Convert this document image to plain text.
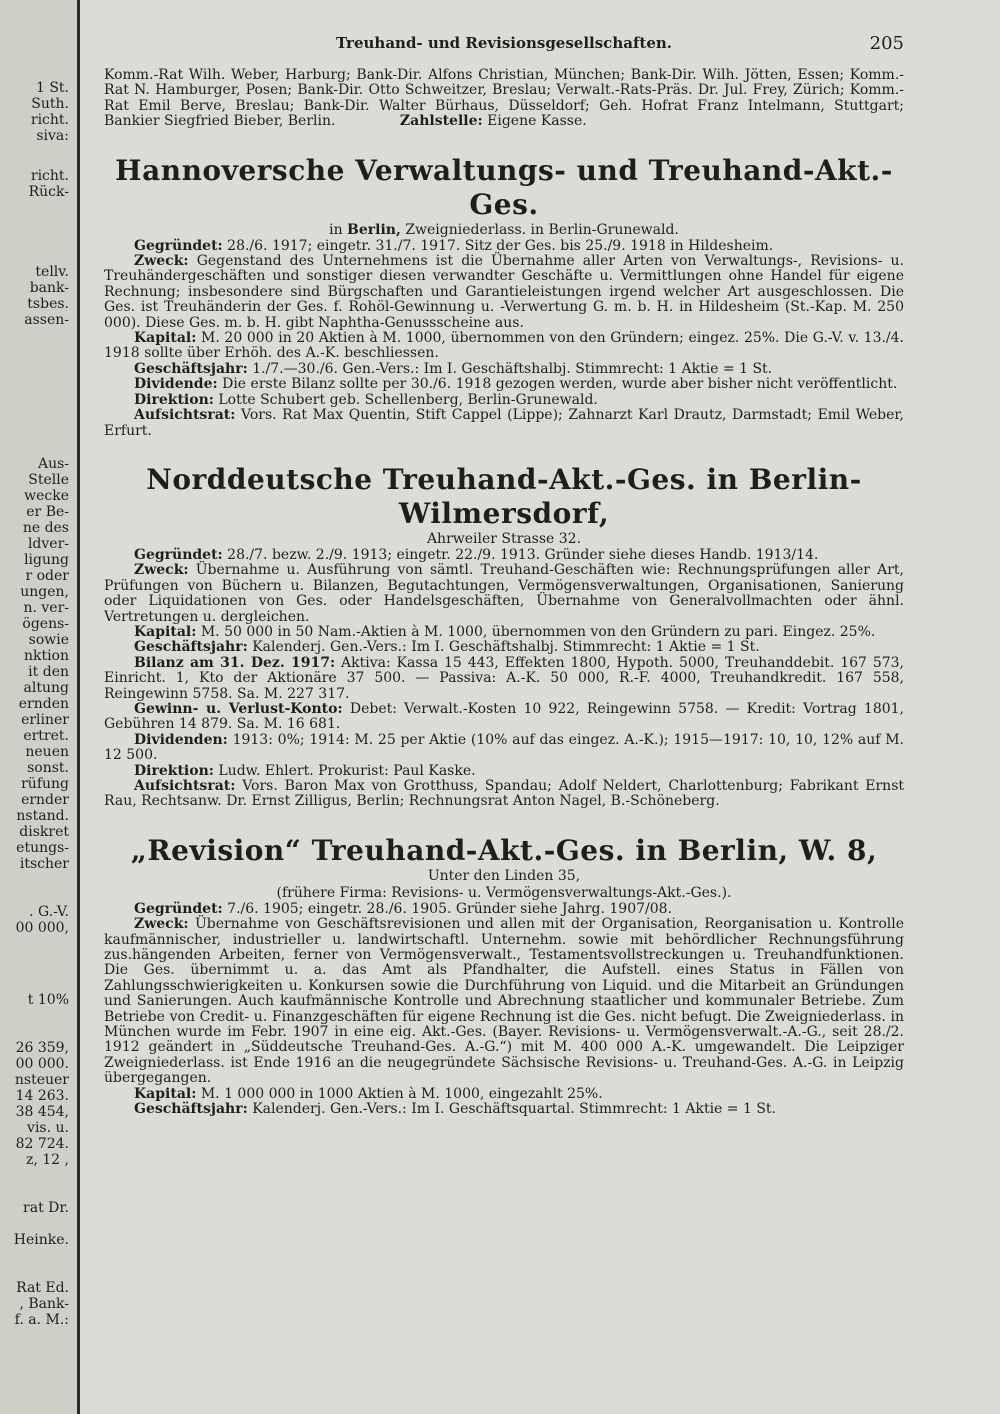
1 St.
Suth.
richt.
siva:
richt.
Rück-
tellv.
bank-
tsbes.
assen-
Aus-
Stelle
wecke
er Be-
ne des
ldver-
ligung
r oder
ungen,
n. ver-
ögens-
sowie
nktion
it den
altung
ernden
erliner
ertret.
neuen
sonst.
rüfung
ernder
nstand.
diskret
etungs-
itscher
. G.-V.
00 000,
t 10%
26 359,
00 000.
nsteuer
14 263.
38 454,
vis. u.
82 724.
z, 12 ,
rat Dr.
Heinke.
Rat Ed.
, Bank-
f. a. M.:
Treuhand- und Revisionsgesellschaften.	205

Komm.-Rat Wilh. Weber, Harburg; Bank-Dir. Alfons Christian, München; Bank-Dir. Wilh. Jötten, Essen; Komm.-Rat N. Hamburger, Posen; Bank-Dir. Otto Schweitzer, Breslau; Verwalt.-Rats-Präs. Dr. Jul. Frey, Zürich; Komm.-Rat Emil Berve, Breslau; Bank-Dir. Walter Bürhaus, Düsseldorf; Geh. Hofrat Franz Intelmann, Stuttgart; Bankier Siegfried Bieber, Berlin.	Zahlstelle: Eigene Kasse.

Hannoversche Verwaltungs- und Treuhand-Akt.-Ges.
in Berlin, Zweigniederlass. in Berlin-Grunewald.

Gegründet: 28./6. 1917; eingetr. 31./7. 1917. Sitz der Ges. bis 25./9. 1918 in Hildesheim.

Zweck: Gegenstand des Unternehmens ist die Übernahme aller Arten von Verwaltungs-, Revisions- u. Treuhändergeschäften und sonstiger diesen verwandter Geschäfte u. Vermittlungen ohne Handel für eigene Rechnung; insbesondere sind Bürgschaften und Garantieleistungen irgend welcher Art ausgeschlossen. Die Ges. ist Treuhänderin der Ges. f. Rohöl-Gewinnung u. -Verwertung G. m. b. H. in Hildesheim (St.-Kap. M. 250 000). Diese Ges. m. b. H. gibt Naphtha-Genussscheine aus.

Kapital: M. 20 000 in 20 Aktien à M. 1000, übernommen von den Gründern; eingez. 25%. Die G.-V. v. 13./4. 1918 sollte über Erhöh. des A.-K. beschliessen.

Geschäftsjahr: 1./7.—30./6. Gen.-Vers.: Im I. Geschäftshalbj. Stimmrecht: 1 Aktie = 1 St.

Dividende: Die erste Bilanz sollte per 30./6. 1918 gezogen werden, wurde aber bisher nicht veröffentlicht.

Direktion: Lotte Schubert geb. Schellenberg, Berlin-Grunewald.

Aufsichtsrat: Vors. Rat Max Quentin, Stift Cappel (Lippe); Zahnarzt Karl Drautz, Darmstadt; Emil Weber, Erfurt.

Norddeutsche Treuhand-Akt.-Ges. in Berlin-Wilmersdorf,
Ahrweiler Strasse 32.

Gegründet: 28./7. bezw. 2./9. 1913; eingetr. 22./9. 1913. Gründer siehe dieses Handb. 1913/14.

Zweck: Übernahme u. Ausführung von sämtl. Treuhand-Geschäften wie: Rechnungsprüfungen aller Art, Prüfungen von Büchern u. Bilanzen, Begutachtungen, Vermögensverwaltungen, Organisationen, Sanierung oder Liquidationen von Ges. oder Handelsgeschäften, Übernahme von Generalvollmachten oder ähnl. Vertretungen u. dergleichen.

Kapital: M. 50 000 in 50 Nam.-Aktien à M. 1000, übernommen von den Gründern zu pari. Eingez. 25%.

Geschäftsjahr: Kalenderj. Gen.-Vers.: Im I. Geschäftshalbj. Stimmrecht: 1 Aktie = 1 St.

Bilanz am 31. Dez. 1917: Aktiva: Kassa 15 443, Effekten 1800, Hypoth. 5000, Treuhanddebit. 167 573, Einricht. 1, Kto der Aktionäre 37 500. — Passiva: A.-K. 50 000, R.-F. 4000, Treuhandkredit. 167 558, Reingewinn 5758. Sa. M. 227 317.

Gewinn- u. Verlust-Konto: Debet: Verwalt.-Kosten 10 922, Reingewinn 5758. — Kredit: Vortrag 1801, Gebühren 14 879. Sa. M. 16 681.

Dividenden: 1913: 0%; 1914: M. 25 per Aktie (10% auf das eingez. A.-K.); 1915—1917: 10, 10, 12% auf M. 12 500.

Direktion: Ludw. Ehlert. Prokurist: Paul Kaske.

Aufsichtsrat: Vors. Baron Max von Grotthuss, Spandau; Adolf Neldert, Charlottenburg; Fabrikant Ernst Rau, Rechtsanw. Dr. Ernst Zilligus, Berlin; Rechnungsrat Anton Nagel, B.-Schöneberg.

„Revision“ Treuhand-Akt.-Ges. in Berlin, W. 8,
Unter den Linden 35,
(frühere Firma: Revisions- u. Vermögensverwaltungs-Akt.-Ges.).

Gegründet: 7./6. 1905; eingetr. 28./6. 1905. Gründer siehe Jahrg. 1907/08.

Zweck: Übernahme von Geschäftsrevisionen und allen mit der Organisation, Reorganisation u. Kontrolle kaufmännischer, industrieller u. landwirtschaftl. Unternehm. sowie mit behördlicher Rechnungsführung zus.hängenden Arbeiten, ferner von Vermögensverwalt., Testamentsvollstreckungen u. Treuhandfunktionen. Die Ges. übernimmt u. a. das Amt als Pfandhalter, die Aufstell. eines Status in Fällen von Zahlungsschwierigkeiten u. Konkursen sowie die Durchführung von Liquid. und die Mitarbeit an Gründungen und Sanierungen. Auch kaufmännische Kontrolle und Abrechnung staatlicher und kommunaler Betriebe. Zum Betriebe von Credit- u. Finanzgeschäften für eigene Rechnung ist die Ges. nicht befugt. Die Zweigniederlass. in München wurde im Febr. 1907 in eine eig. Akt.-Ges. (Bayer. Revisions- u. Vermögensverwalt.-A.-G., seit 28./2. 1912 geändert in „Süddeutsche Treuhand-Ges. A.-G.“) mit M. 400 000 A.-K. umgewandelt. Die Leipziger Zweigniederlass. ist Ende 1916 an die neugegründete Sächsische Revisions- u. Treuhand-Ges. A.-G. in Leipzig übergegangen.

Kapital: M. 1 000 000 in 1000 Aktien à M. 1000, eingezahlt 25%.

Geschäftsjahr: Kalenderj. Gen.-Vers.: Im I. Geschäftsquartal. Stimmrecht: 1 Aktie = 1 St.
